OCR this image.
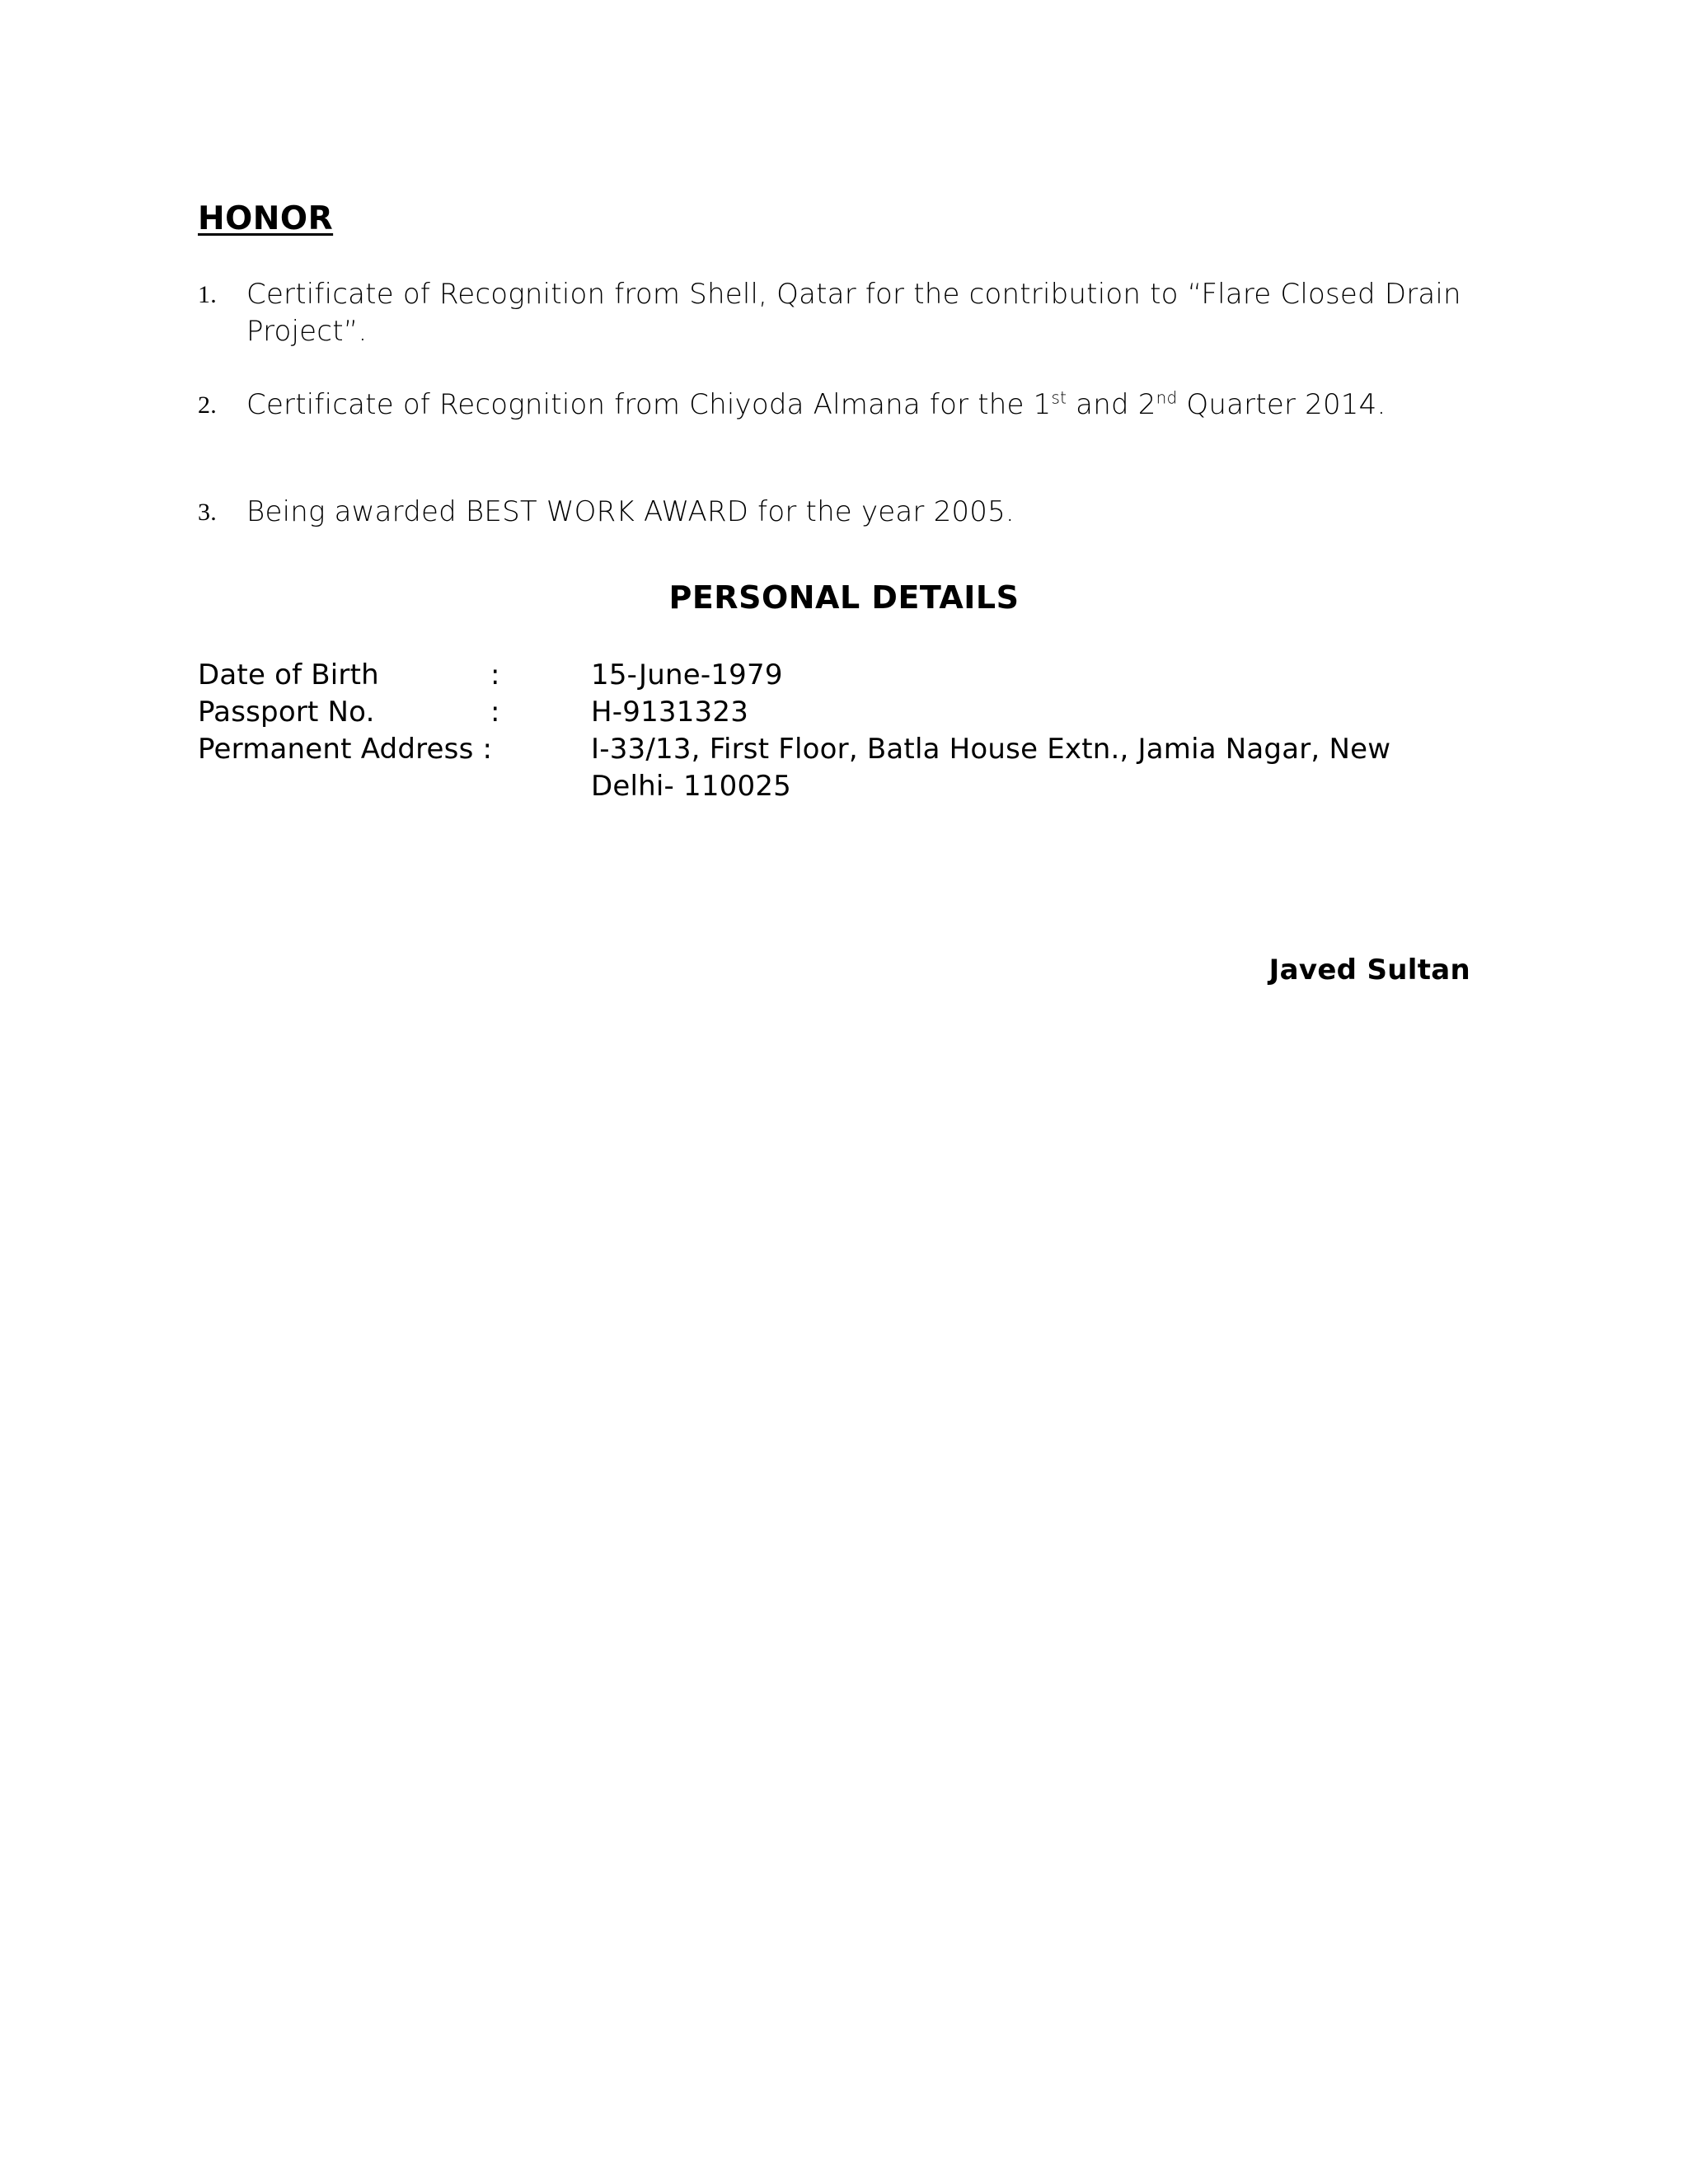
HONOR
1. Certificate of Recognition from Shell, Qatar for the contribution to “Flare Closed Drain Project”.
2. Certificate of Recognition from Chiyoda Almana for the 1st and 2nd Quarter 2014.
3. Being awarded BEST WORK AWARD for the year 2005.
PERSONAL DETAILS
Date of Birth	:	15-June-1979
Passport No.	:	H-9131323
Permanent Address :	I-33/13, First Floor, Batla House Extn., Jamia Nagar, New Delhi- 110025
Javed Sultan
